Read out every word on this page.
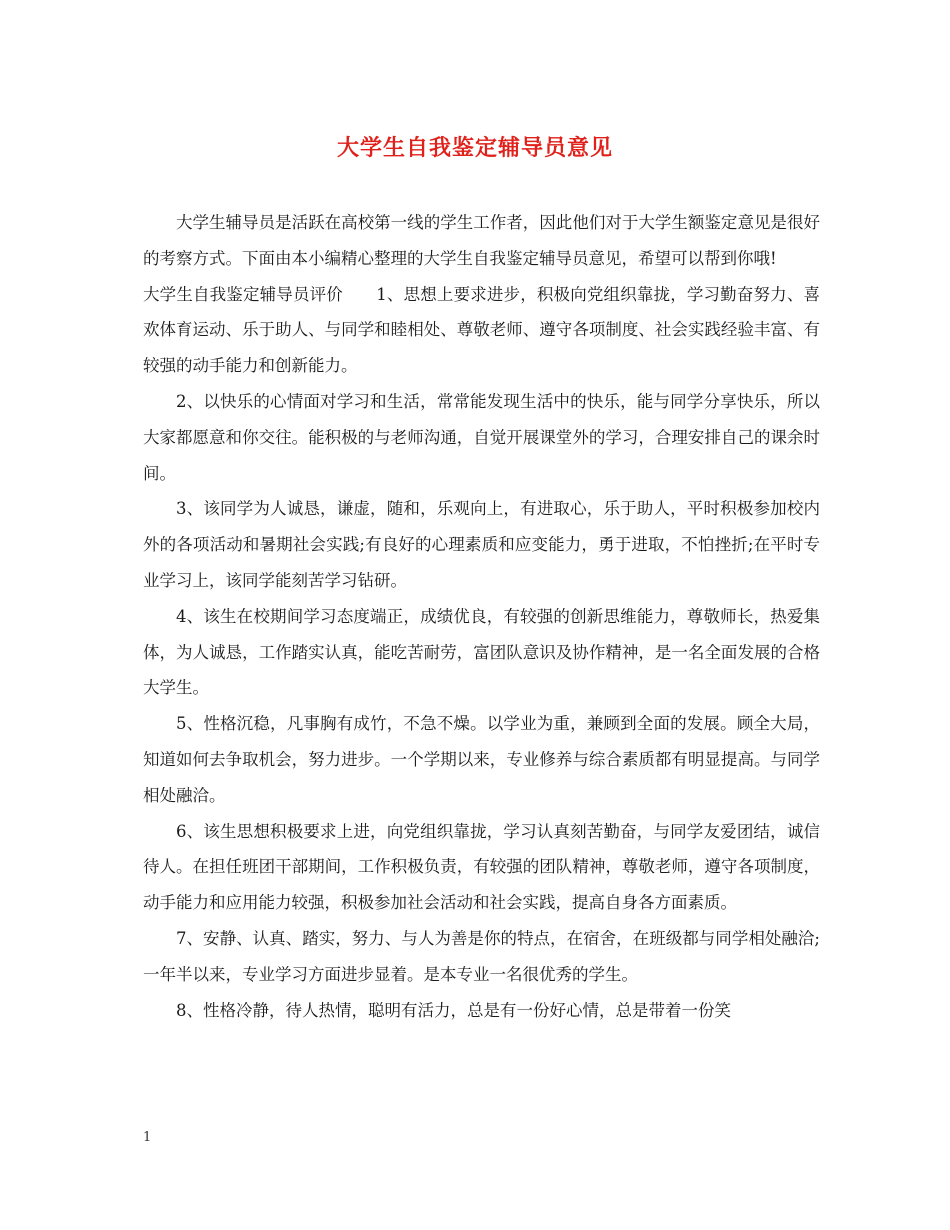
大学生自我鉴定辅导员意见

大学生辅导员是活跃在高校第一线的学生工作者，因此他们对于大学生额鉴定意见是很好的考察方式。下面由本小编精心整理的大学生自我鉴定辅导员意见，希望可以帮到你哦!

大学生自我鉴定辅导员评价　　1、思想上要求进步，积极向党组织靠拢，学习勤奋努力、喜欢体育运动、乐于助人、与同学和睦相处、尊敬老师、遵守各项制度、社会实践经验丰富、有较强的动手能力和创新能力。

2、以快乐的心情面对学习和生活，常常能发现生活中的快乐，能与同学分享快乐，所以大家都愿意和你交往。能积极的与老师沟通，自觉开展课堂外的学习，合理安排自己的课余时间。

3、该同学为人诚恳，谦虚，随和，乐观向上，有进取心，乐于助人，平时积极参加校内外的各项活动和暑期社会实践;有良好的心理素质和应变能力，勇于进取，不怕挫折;在平时专业学习上，该同学能刻苦学习钻研。

4、该生在校期间学习态度端正，成绩优良，有较强的创新思维能力，尊敬师长，热爱集体，为人诚恳，工作踏实认真，能吃苦耐劳，富团队意识及协作精神，是一名全面发展的合格大学生。

5、性格沉稳，凡事胸有成竹，不急不燥。以学业为重，兼顾到全面的发展。顾全大局，知道如何去争取机会，努力进步。一个学期以来，专业修养与综合素质都有明显提高。与同学相处融洽。

6、该生思想积极要求上进，向党组织靠拢，学习认真刻苦勤奋，与同学友爱团结，诚信待人。在担任班团干部期间，工作积极负责，有较强的团队精神，尊敬老师，遵守各项制度，动手能力和应用能力较强，积极参加社会活动和社会实践，提高自身各方面素质。

7、安静、认真、踏实，努力、与人为善是你的特点，在宿舍，在班级都与同学相处融洽;一年半以来，专业学习方面进步显着。是本专业一名很优秀的学生。

8、性格冷静，待人热情，聪明有活力，总是有一份好心情，总是带着一份笑

1
